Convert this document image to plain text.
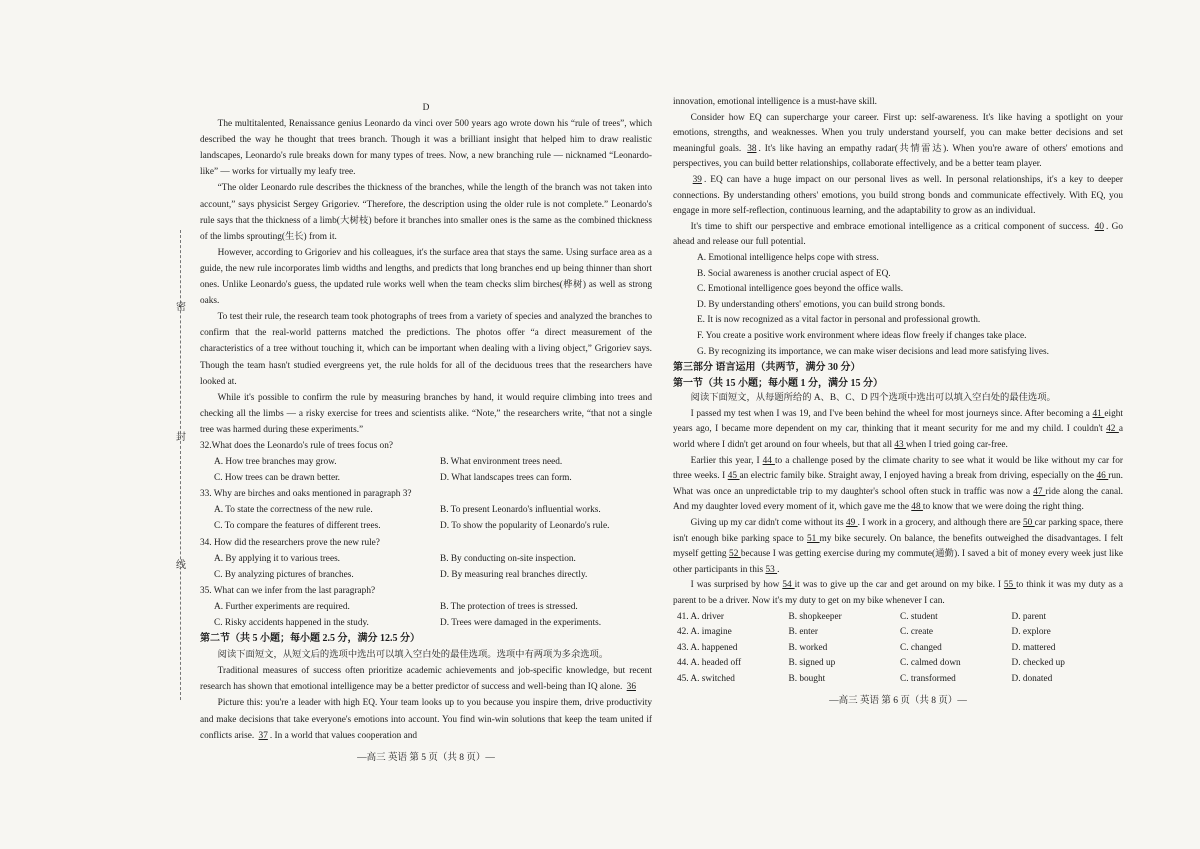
密
封
线

D

The multitalented, Renaissance genius Leonardo da vinci over 500 years ago wrote down his “rule of trees”, which described the way he thought that trees branch. Though it was a brilliant insight that helped him to draw realistic landscapes, Leonardo's rule breaks down for many types of trees. Now, a new branching rule — nicknamed “Leonardo-like” — works for virtually my leafy tree.

“The older Leonardo rule describes the thickness of the branches, while the length of the branch was not taken into account,” says physicist Sergey Grigoriev. “Therefore, the description using the older rule is not complete.” Leonardo's rule says that the thickness of a limb(大树枝) before it branches into smaller ones is the same as the combined thickness of the limbs sprouting(生长) from it.

However, according to Grigoriev and his colleagues, it's the surface area that stays the same. Using surface area as a guide, the new rule incorporates limb widths and lengths, and predicts that long branches end up being thinner than short ones. Unlike Leonardo's guess, the updated rule works well when the team checks slim birches(桦树) as well as strong oaks.

To test their rule, the research team took photographs of trees from a variety of species and analyzed the branches to confirm that the real-world patterns matched the predictions. The photos offer “a direct measurement of the characteristics of a tree without touching it, which can be important when dealing with a living object,” Grigoriev says. Though the team hasn't studied evergreens yet, the rule holds for all of the deciduous trees that the researchers have looked at.

While it's possible to confirm the rule by measuring branches by hand, it would require climbing into trees and checking all the limbs — a risky exercise for trees and scientists alike. “Note,” the researchers write, “that not a single tree was harmed during these experiments.”

32.What does the Leonardo's rule of trees focus on?

A. How tree branches may grow.	B. What environment trees need.
C. How trees can be drawn better.	D. What landscapes trees can form.

33. Why are birches and oaks mentioned in paragraph 3?

A. To state the correctness of the new rule.	B. To present Leonardo's influential works.
C. To compare the features of different trees.	D. To show the popularity of Leonardo's rule.

34. How did the researchers prove the new rule?

A. By applying it to various trees.	B. By conducting on-site inspection.
C. By analyzing pictures of branches.	D. By measuring real branches directly.

35. What can we infer from the last paragraph?

A. Further experiments are required.	B. The protection of trees is stressed.
C. Risky accidents happened in the study.	D. Trees were damaged in the experiments.

第二节（共 5 小题；每小题 2.5 分，满分 12.5 分）

阅读下面短文，从短文后的选项中选出可以填入空白处的最佳选项。选项中有两项为多余选项。

Traditional measures of success often prioritize academic achievements and job-specific knowledge, but recent research has shown that emotional intelligence may be a better predictor of success and well-being than IQ alone. 36

Picture this: you're a leader with high EQ. Your team looks up to you because you inspire them, drive productivity and make decisions that take everyone's emotions into account. You find win-win solutions that keep the team united if conflicts arise. 37 . In a world that values cooperation and

—高三 英语 第 5 页（共 8 页）—

innovation, emotional intelligence is a must-have skill.

Consider how EQ can supercharge your career. First up: self-awareness. It's like having a spotlight on your emotions, strengths, and weaknesses. When you truly understand yourself, you can make better decisions and set meaningful goals. 38 . It's like having an empathy radar(共情雷达). When you're aware of others' emotions and perspectives, you can build better relationships, collaborate effectively, and be a better team player.

39 . EQ can have a huge impact on our personal lives as well. In personal relationships, it's a key to deeper connections. By understanding others' emotions, you build strong bonds and communicate effectively. With EQ, you engage in more self-reflection, continuous learning, and the adaptability to grow as an individual.

It's time to shift our perspective and embrace emotional intelligence as a critical component of success. 40 . Go ahead and release our full potential.

A. Emotional intelligence helps cope with stress.

B. Social awareness is another crucial aspect of EQ.

C. Emotional intelligence goes beyond the office walls.

D. By understanding others' emotions, you can build strong bonds.

E. It is now recognized as a vital factor in personal and professional growth.

F. You create a positive work environment where ideas flow freely if changes take place.

G. By recognizing its importance, we can make wiser decisions and lead more satisfying lives.

第三部分 语言运用（共两节，满分 30 分）

第一节（共 15 小题；每小题 1 分，满分 15 分）

阅读下面短文，从每题所给的 A、B、C、D 四个选项中选出可以填入空白处的最佳选项。

I passed my test when I was 19, and I've been behind the wheel for most journeys since. After becoming a 41 eight years ago, I became more dependent on my car, thinking that it meant security for me and my child. I couldn't 42 a world where I didn't get around on four wheels, but that all 43 when I tried going car-free.

Earlier this year, I 44 to a challenge posed by the climate charity to see what it would be like without my car for three weeks. I 45 an electric family bike. Straight away, I enjoyed having a break from driving, especially on the 46 run. What was once an unpredictable trip to my daughter's school often stuck in traffic was now a 47 ride along the canal. And my daughter loved every moment of it, which gave me the 48 to know that we were doing the right thing.

Giving up my car didn't come without its 49 . I work in a grocery, and although there are 50 car parking space, there isn't enough bike parking space to 51 my bike securely. On balance, the benefits outweighed the disadvantages. I felt myself getting 52 because I was getting exercise during my commute(通勤). I saved a bit of money every week just like other participants in this 53 .

I was surprised by how 54 it was to give up the car and get around on my bike. I 55 to think it was my duty as a parent to be a driver. Now it's my duty to get on my bike whenever I can.

41. A. driver	B. shopkeeper	C. student	D. parent
42. A. imagine	B. enter	C. create	D. explore
43. A. happened	B. worked	C. changed	D. mattered
44. A. headed off	B. signed up	C. calmed down	D. checked up
45. A. switched	B. bought	C. transformed	D. donated

—高三 英语 第 6 页（共 8 页）—
